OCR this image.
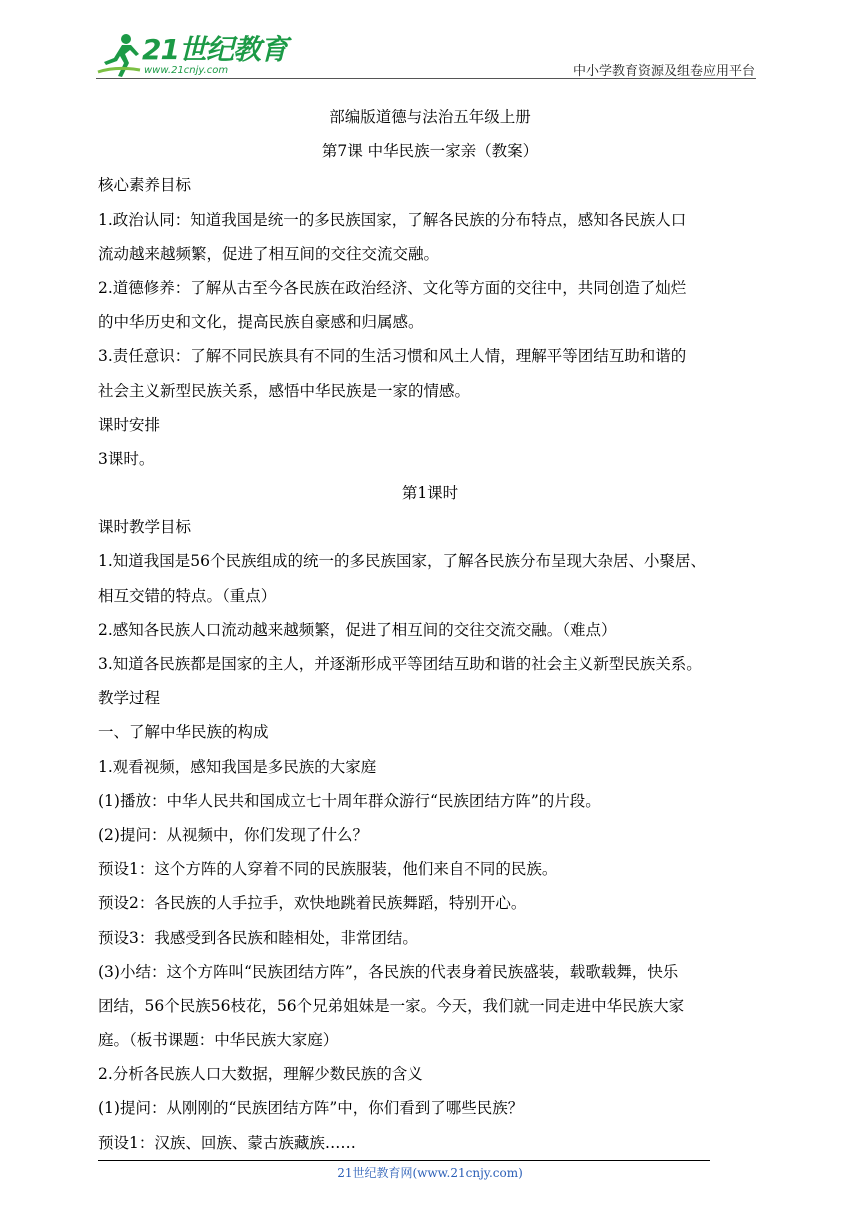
21世纪教育
www.21cnjy.com	中小学教育资源及组卷应用平台
部编版道德与法治五年级上册
第7课 中华民族一家亲（教案）
核心素养目标
1.政治认同：知道我国是统一的多民族国家，了解各民族的分布特点，感知各民族人口
流动越来越频繁，促进了相互间的交往交流交融。
2.道德修养：了解从古至今各民族在政治经济、文化等方面的交往中，共同创造了灿烂
的中华历史和文化，提高民族自豪感和归属感。
3.责任意识：了解不同民族具有不同的生活习惯和风土人情，理解平等团结互助和谐的
社会主义新型民族关系，感悟中华民族是一家的情感。
课时安排
3课时。
第1课时
课时教学目标
1.知道我国是56个民族组成的统一的多民族国家，了解各民族分布呈现大杂居、小聚居、
相互交错的特点。（重点）
2.感知各民族人口流动越来越频繁，促进了相互间的交往交流交融。（难点）
3.知道各民族都是国家的主人，并逐渐形成平等团结互助和谐的社会主义新型民族关系。
教学过程
一、了解中华民族的构成
1.观看视频，感知我国是多民族的大家庭
(1)播放：中华人民共和国成立七十周年群众游行“民族团结方阵”的片段。
(2)提问：从视频中，你们发现了什么？
预设1：这个方阵的人穿着不同的民族服装，他们来自不同的民族。
预设2：各民族的人手拉手，欢快地跳着民族舞蹈，特别开心。
预设3：我感受到各民族和睦相处，非常团结。
(3)小结：这个方阵叫“民族团结方阵”，各民族的代表身着民族盛装，载歌载舞，快乐
团结，56个民族56枝花，56个兄弟姐妹是一家。今天，我们就一同走进中华民族大家
庭。（板书课题：中华民族大家庭）
2.分析各民族人口大数据，理解少数民族的含义
(1)提问：从刚刚的“民族团结方阵”中，你们看到了哪些民族？
预设1：汉族、回族、蒙古族藏族……
21世纪教育网(www.21cnjy.com)
